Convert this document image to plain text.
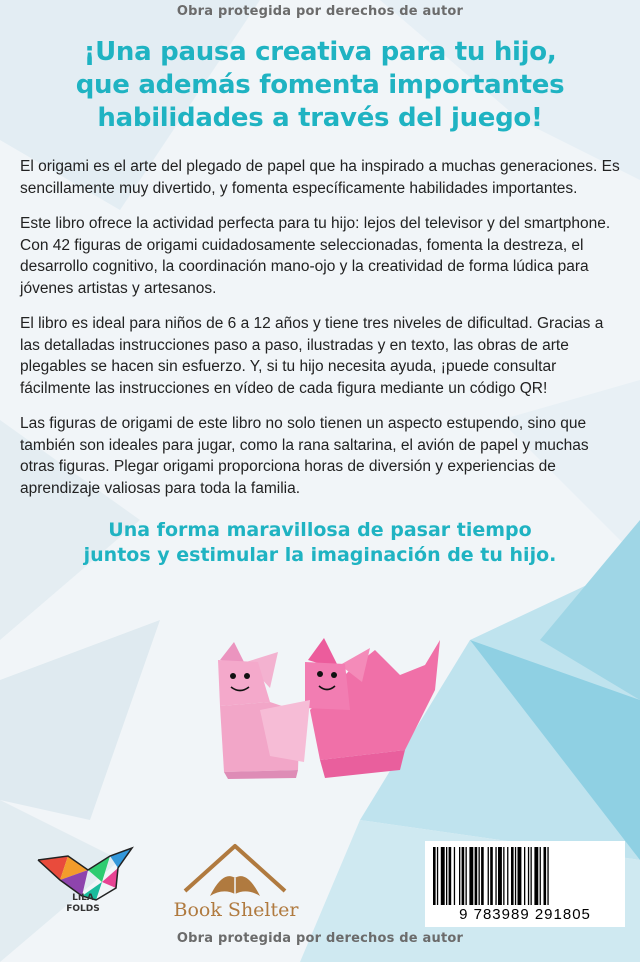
Obra protegida por derechos de autor
¡Una pausa creativa para tu hijo,
que además fomenta importantes
habilidades a través del juego!

El origami es el arte del plegado de papel que ha inspirado a muchas generaciones. Es sencillamente muy divertido, y fomenta específicamente habilidades importantes.

Este libro ofrece la actividad perfecta para tu hijo: lejos del televisor y del smartphone. Con 42 figuras de origami cuidadosamente seleccionadas, fomenta la destreza, el desarrollo cognitivo, la coordinación mano-ojo y la creatividad de forma lúdica para jóvenes artistas y artesanos.

El libro es ideal para niños de 6 a 12 años y tiene tres niveles de dificultad. Gracias a las detalladas instrucciones paso a paso, ilustradas y en texto, las obras de arte plegables se hacen sin esfuerzo. Y, si tu hijo necesita ayuda, ¡puede consultar fácilmente las instrucciones en vídeo de cada figura mediante un código QR!

Las figuras de origami de este libro no solo tienen un aspecto estupendo, sino que también son ideales para jugar, como la rana saltarina, el avión de papel y muchas otras figuras. Plegar origami proporciona horas de diversión y experiencias de aprendizaje valiosas para toda la familia.

Una forma maravillosa de pasar tiempo
juntos y estimular la imaginación de tu hijo.
LILA
FOLDS	Book Shelter	9 783989 291805
Obra protegida por derechos de autor
